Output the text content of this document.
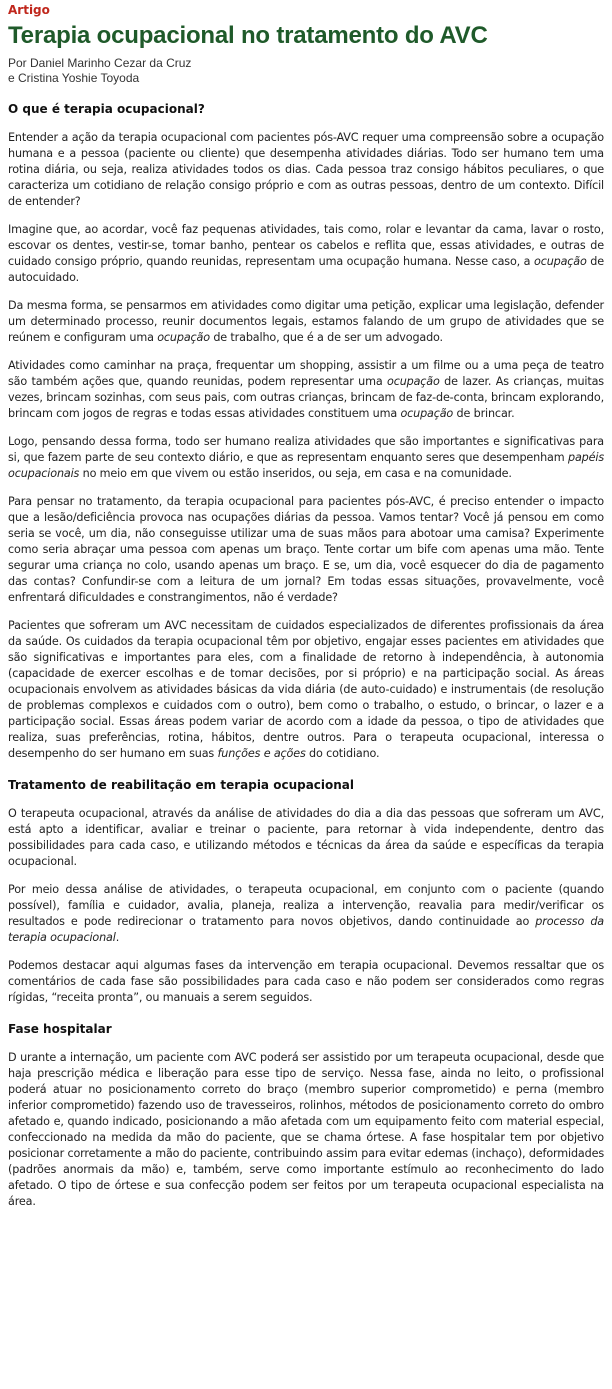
Artigo
Terapia ocupacional no tratamento do AVC
Por Daniel Marinho Cezar da Cruz
e Cristina Yoshie Toyoda
O que é terapia ocupacional?

Entender a ação da terapia ocupacional com pacientes pós-AVC requer uma compreensão sobre a ocupação humana e a pessoa (paciente ou cliente) que desempenha atividades diárias. Todo ser humano tem uma rotina diária, ou seja, realiza atividades todos os dias. Cada pessoa traz consigo hábitos peculiares, o que caracteriza um cotidiano de relação consigo próprio e com as outras pessoas, dentro de um contexto. Difícil de entender?

Imagine que, ao acordar, você faz pequenas atividades, tais como, rolar e levantar da cama, lavar o rosto, escovar os dentes, vestir-se, tomar banho, pentear os cabelos e reflita que, essas atividades, e outras de cuidado consigo próprio, quando reunidas, representam uma ocupação humana. Nesse caso, a ocupação de autocuidado.

Da mesma forma, se pensarmos em atividades como digitar uma petição, explicar uma legislação, defender um determinado processo, reunir documentos legais, estamos falando de um grupo de atividades que se reúnem e configuram uma ocupação de trabalho, que é a de ser um advogado.

Atividades como caminhar na praça, frequentar um shopping, assistir a um filme ou a uma peça de teatro são também ações que, quando reunidas, podem representar uma ocupação de lazer. As crianças, muitas vezes, brincam sozinhas, com seus pais, com outras crianças, brincam de faz-de-conta, brincam explorando, brincam com jogos de regras e todas essas atividades constituem uma ocupação de brincar.

Logo, pensando dessa forma, todo ser humano realiza atividades que são importantes e significativas para si, que fazem parte de seu contexto diário, e que as representam enquanto seres que desempenham papéis ocupacionais no meio em que vivem ou estão inseridos, ou seja, em casa e na comunidade.

Para pensar no tratamento, da terapia ocupacional para pacientes pós-AVC, é preciso entender o impacto que a lesão/deficiência provoca nas ocupações diárias da pessoa. Vamos tentar? Você já pensou em como seria se você, um dia, não conseguisse utilizar uma de suas mãos para abotoar uma camisa? Experimente como seria abraçar uma pessoa com apenas um braço. Tente cortar um bife com apenas uma mão. Tente segurar uma criança no colo, usando apenas um braço. E se, um dia, você esquecer do dia de pagamento das contas? Confundir-se com a leitura de um jornal? Em todas essas situações, provavelmente, você enfrentará dificuldades e constrangimentos, não é verdade?

Pacientes que sofreram um AVC necessitam de cuidados especializados de diferentes profissionais da área da saúde. Os cuidados da terapia ocupacional têm por objetivo, engajar esses pacientes em atividades que são significativas e importantes para eles, com a finalidade de retorno à independência, à autonomia (capacidade de exercer escolhas e de tomar decisões, por si próprio) e na participação social. As áreas ocupacionais envolvem as atividades básicas da vida diária (de auto-cuidado) e instrumentais (de resolução de problemas complexos e cuidados com o outro), bem como o trabalho, o estudo, o brincar, o lazer e a participação social. Essas áreas podem variar de acordo com a idade da pessoa, o tipo de atividades que realiza, suas preferências, rotina, hábitos, dentre outros. Para o terapeuta ocupacional, interessa o desempenho do ser humano em suas funções e ações do cotidiano.

Tratamento de reabilitação em terapia ocupacional

O terapeuta ocupacional, através da análise de atividades do dia a dia das pessoas que sofreram um AVC, está apto a identificar, avaliar e treinar o paciente, para retornar à vida independente, dentro das possibilidades para cada caso, e utilizando métodos e técnicas da área da saúde e específicas da terapia ocupacional.

Por meio dessa análise de atividades, o terapeuta ocupacional, em conjunto com o paciente (quando possível), família e cuidador, avalia, planeja, realiza a intervenção, reavalia para medir/verificar os resultados e pode redirecionar o tratamento para novos objetivos, dando continuidade ao processo da terapia ocupacional.

Podemos destacar aqui algumas fases da intervenção em terapia ocupacional. Devemos ressaltar que os comentários de cada fase são possibilidades para cada caso e não podem ser considerados como regras rígidas, “receita pronta”, ou manuais a serem seguidos.

Fase hospitalar

D urante a internação, um paciente com AVC poderá ser assistido por um terapeuta ocupacional, desde que haja prescrição médica e liberação para esse tipo de serviço. Nessa fase, ainda no leito, o profissional poderá atuar no posicionamento correto do braço (membro superior comprometido) e perna (membro inferior comprometido) fazendo uso de travesseiros, rolinhos, métodos de posicionamento correto do ombro afetado e, quando indicado, posicionando a mão afetada com um equipamento feito com material especial, confeccionado na medida da mão do paciente, que se chama órtese. A fase hospitalar tem por objetivo posicionar corretamente a mão do paciente, contribuindo assim para evitar edemas (inchaço), deformidades (padrões anormais da mão) e, também, serve como importante estímulo ao reconhecimento do lado afetado. O tipo de órtese e sua confecção podem ser feitos por um terapeuta ocupacional especialista na área.
